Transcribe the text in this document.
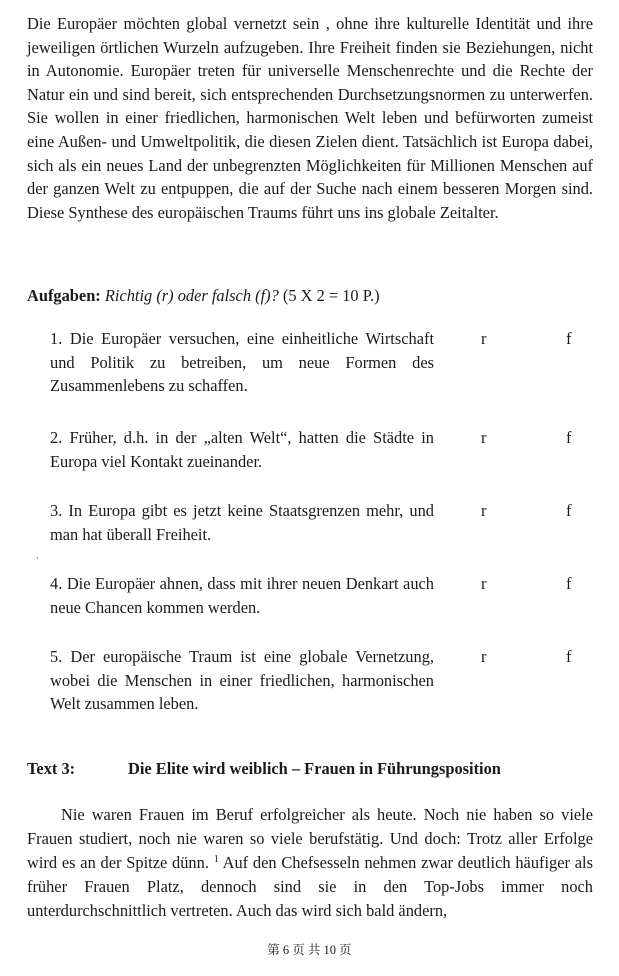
Die Europäer möchten global vernetzt sein , ohne ihre kulturelle Identität und ihre jeweiligen örtlichen Wurzeln aufzugeben. Ihre Freiheit finden sie Beziehungen, nicht in Autonomie. Europäer treten für universelle Menschenrechte und die Rechte der Natur ein und sind bereit, sich entsprechenden Durchsetzungsnormen zu unterwerfen. Sie wollen in einer friedlichen, harmonischen Welt leben und befürworten zumeist eine Außen- und Umweltpolitik, die diesen Zielen dient. Tatsächlich ist Europa dabei, sich als ein neues Land der unbegrenzten Möglichkeiten für Millionen Menschen auf der ganzen Welt zu entpuppen, die auf der Suche nach einem besseren Morgen sind. Diese Synthese des europäischen Traums führt uns ins globale Zeitalter.
Aufgaben: Richtig (r) oder falsch (f)? (5 X 2 = 10 P.)
1. Die Europäer versuchen, eine einheitliche Wirtschaft und Politik zu betreiben, um neue Formen des Zusammenlebens zu schaffen.
r	f
2. Früher, d.h. in der „alten Welt“, hatten die Städte in Europa viel Kontakt zueinander.
r	f
3. In Europa gibt es jetzt keine Staatsgrenzen mehr, und man hat überall Freiheit.
r	f
,
4. Die Europäer ahnen, dass mit ihrer neuen Denkart auch neue Chancen kommen werden.
r	f
5. Der europäische Traum ist eine globale Vernetzung, wobei die Menschen in einer friedlichen, harmonischen Welt zusammen leben.
r	f
Text 3:	Die Elite wird weiblich – Frauen in Führungsposition
Nie waren Frauen im Beruf erfolgreicher als heute. Noch nie haben so viele Frauen studiert, noch nie waren so viele berufstätig. Und doch: Trotz aller Erfolge wird es an der Spitze dünn. $^1$ Auf den Chefsesseln nehmen zwar deutlich häufiger als früher Frauen Platz, dennoch sind sie in den Top-Jobs immer noch unterdurchschnittlich vertreten. Auch das wird sich bald ändern,
第 6 页 共 10 页
